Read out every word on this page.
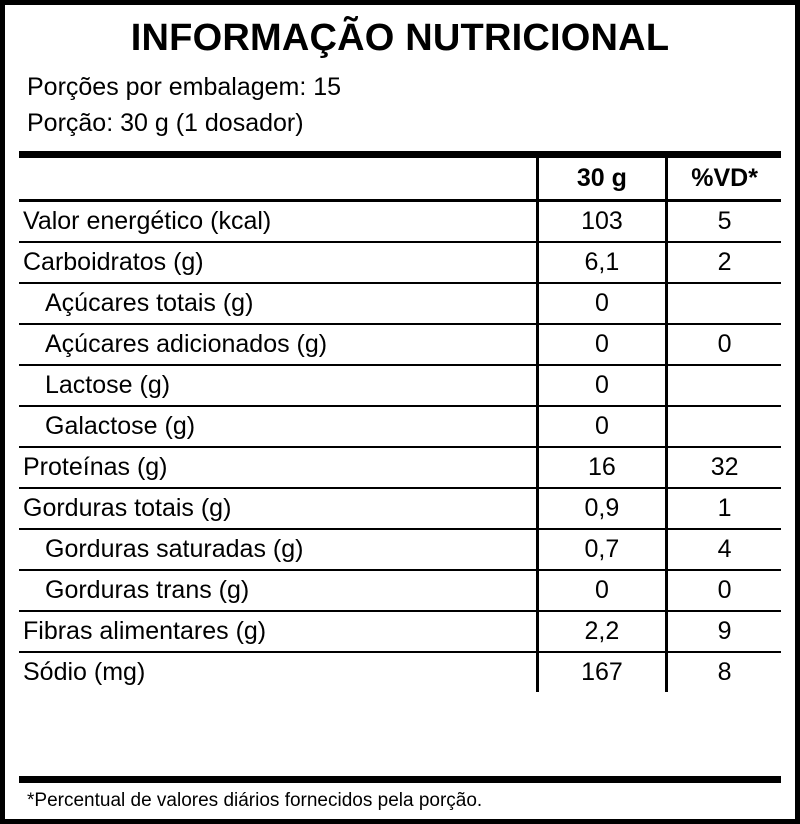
INFORMAÇÃO NUTRICIONAL
Porções por embalagem: 15
Porção: 30 g (1 dosador)
	30 g	%VD*
Valor energético (kcal)	103	5
Carboidratos (g)	6,1	2
Açúcares totais (g)	0	
Açúcares adicionados (g)	0	0
Lactose (g)	0	
Galactose (g)	0	
Proteínas (g)	16	32
Gorduras totais (g)	0,9	1
Gorduras saturadas (g)	0,7	4
Gorduras trans (g)	0	0
Fibras alimentares (g)	2,2	9
Sódio (mg)	167	8
*Percentual de valores diários fornecidos pela porção.
